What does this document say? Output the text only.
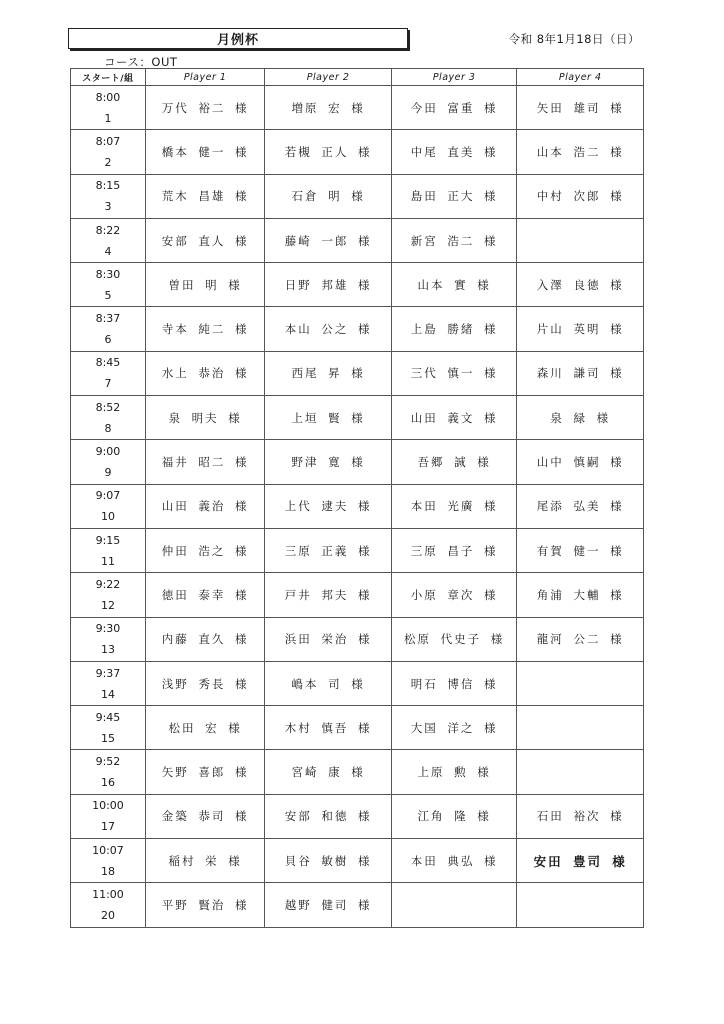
月例杯	令和 8年1月18日（日）
コース：OUT
スタート/組	Player 1	Player 2	Player 3	Player 4

8:00
1	万代 裕二 様	増原 宏 様	今田 富重 様	矢田 雄司 様

8:07
2	橋本 健一 様	若槻 正人 様	中尾 直美 様	山本 浩二 様

8:15
3	荒木 昌雄 様	石倉 明 様	島田 正大 様	中村 次郎 様

8:22
4	安部 直人 様	藤崎 一郎 様	新宮 浩二 様	

8:30
5	曽田 明 様	日野 邦雄 様	山本 實 様	入澤 良徳 様

8:37
6	寺本 純二 様	本山 公之 様	上島 勝緒 様	片山 英明 様

8:45
7	水上 恭治 様	西尾 昇 様	三代 慎一 様	森川 謙司 様

8:52
8	泉 明夫 様	上垣 賢 様	山田 義文 様	泉 緑 様

9:00
9	福井 昭二 様	野津 寛 様	吾郷 誠 様	山中 慎嗣 様

9:07
10	山田 義治 様	上代 逮夫 様	本田 光廣 様	尾添 弘美 様

9:15
11	仲田 浩之 様	三原 正義 様	三原 昌子 様	有賀 健一 様

9:22
12	徳田 泰幸 様	戸井 邦夫 様	小原 章次 様	角浦 大輔 様

9:30
13	内藤 直久 様	浜田 栄治 様	松原 代史子 様	龍河 公二 様

9:37
14	浅野 秀長 様	嶋本 司 様	明石 博信 様	

9:45
15	松田 宏 様	木村 慎吾 様	大国 洋之 様	

9:52
16	矢野 喜郎 様	宮崎 康 様	上原 勲 様	

10:00
17	金築 恭司 様	安部 和徳 様	江角 隆 様	石田 裕次 様

10:07
18	稲村 栄 様	貝谷 敏樹 様	本田 典弘 様	安田 豊司 様

11:00
20	平野 賢治 様	越野 健司 様		
